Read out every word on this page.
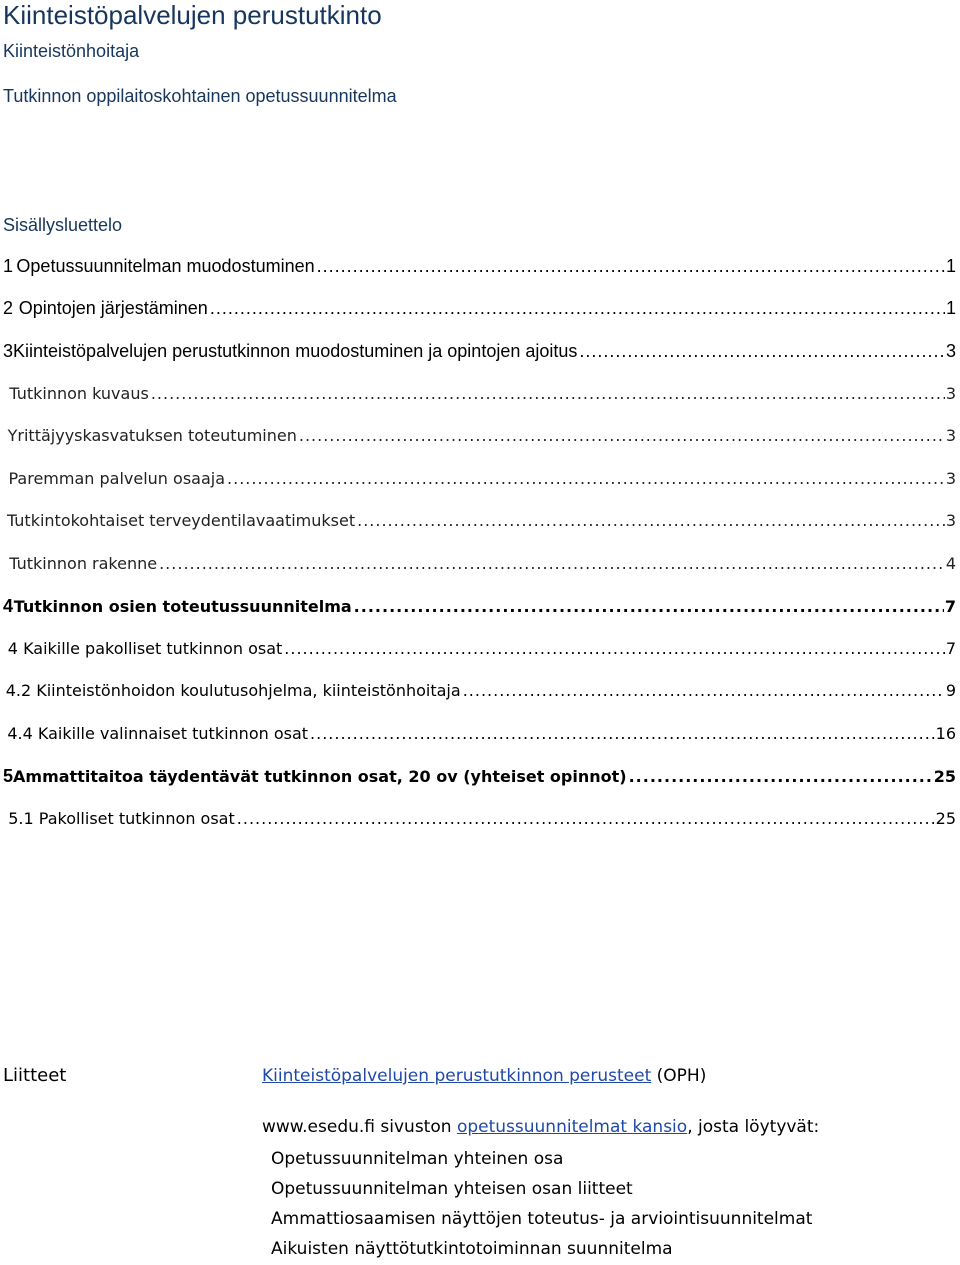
Kiinteistöpalvelujen perustutkinto
Kiinteistönhoitaja
Tutkinnon oppilaitoskohtainen opetussuunnitelma
Sisällysluettelo
1 Opetussuunnitelman muodostuminen .....	1
2 Opintojen järjestäminen .....	1
3 Kiinteistöpalvelujen perustutkinnon muodostuminen ja opintojen ajoitus .....	3
Tutkinnon kuvaus .....	3
Yrittäjyyskasvatuksen toteutuminen .....	3
Paremman palvelun osaaja .....	3
Tutkintokohtaiset terveydentilavaatimukset .....	3
Tutkinnon rakenne .....	4
4 Tutkinnon osien toteutussuunnitelma .....	7
4 Kaikille pakolliset tutkinnon osat .....	7
4.2 Kiinteistönhoidon koulutusohjelma, kiinteistönhoitaja .....	9
4.4 Kaikille valinnaiset tutkinnon osat .....	16
5 Ammattitaitoa täydentävät tutkinnon osat, 20 ov (yhteiset opinnot) .....	25
5.1 Pakolliset tutkinnon osat .....	25
Liitteet	Kiinteistöpalvelujen perustutkinnon perusteet (OPH)
www.esedu.fi sivuston opetussuunnitelmat kansio, josta löytyvät:
Opetussuunnitelman yhteinen osa
Opetussuunnitelman yhteisen osan liitteet
Ammattiosaamisen näyttöjen toteutus- ja arviointisuunnitelmat
Aikuisten näyttötutkintotoiminnan suunnitelma
